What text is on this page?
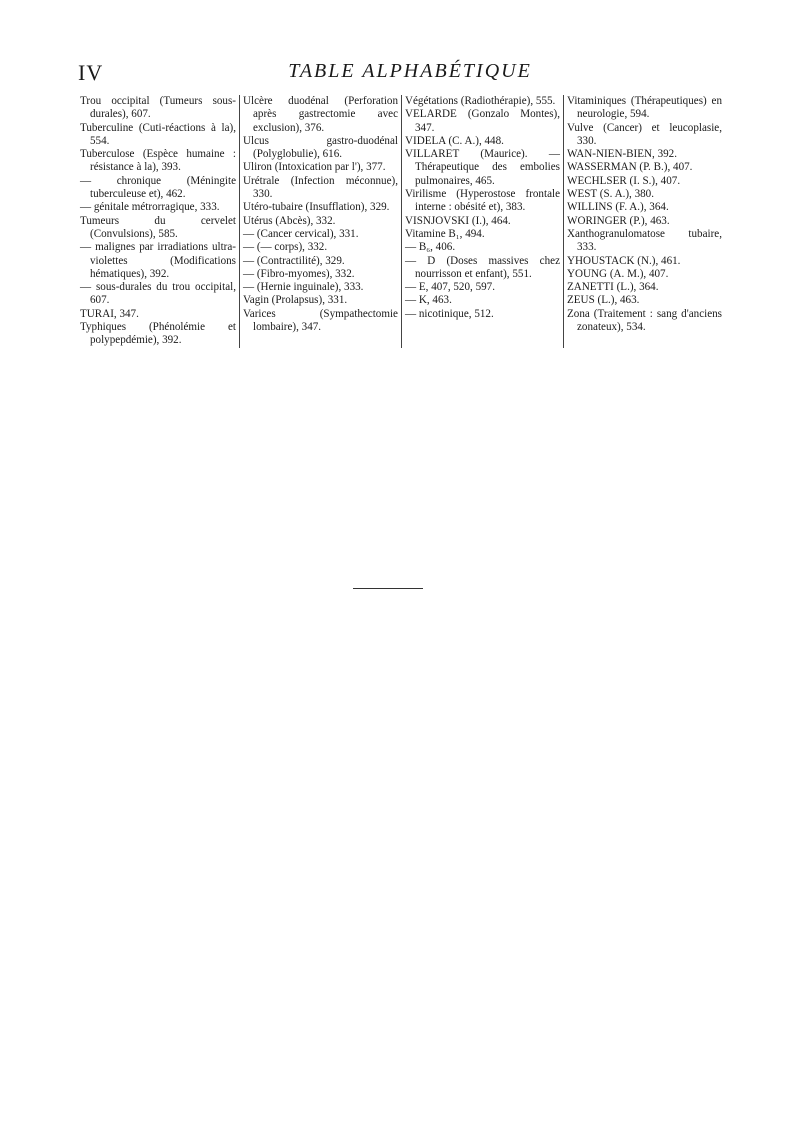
IV	TABLE ALPHABÉTIQUE
Trou occipital (Tumeurs sous-durales), 607.
Tuberculine (Cuti-réactions à la), 554.
Tuberculose (Espèce humaine : résistance à la), 393.
— chronique (Méningite tuberculeuse et), 462.
— génitale métrorragique, 333.
Tumeurs du cervelet (Convulsions), 585.
— malignes par irradiations ultra-violettes (Modifications hématiques), 392.
— sous-durales du trou occipital, 607.
TURAI, 347.
Typhiques (Phénolémie et polypepdémie), 392.
Ulcère duodénal (Perforation après gastrectomie avec exclusion), 376.
Ulcus gastro-duodénal (Polyglobulie), 616.
Uliron (Intoxication par l'), 377.
Urétrale (Infection méconnue), 330.
Utéro-tubaire (Insufflation), 329.
Utérus (Abcès), 332.
— (Cancer cervical), 331.
— (— corps), 332.
— (Contractilité), 329.
— (Fibro-myomes), 332.
— (Hernie inguinale), 333.
Vagin (Prolapsus), 331.
Varices (Sympathectomie lombaire), 347.
Végétations (Radiothérapie), 555.
VELARDE (Gonzalo Montes), 347.
VIDELA (C. A.), 448.
VILLARET (Maurice). — Thérapeutique des embolies pulmonaires, 465.
Virilisme (Hyperostose frontale interne : obésité et), 383.
VISNJOVSKI (I.), 464.
Vitamine B₁, 494.
— B₆, 406.
— D (Doses massives chez nourrisson et enfant), 551.
— E, 407, 520, 597.
— K, 463.
— nicotinique, 512.
Vitaminiques (Thérapeutiques) en neurologie, 594.
Vulve (Cancer) et leucoplasie, 330.
WAN-NIEN-BIEN, 392.
WASSERMAN (P. B.), 407.
WECHLSER (I. S.), 407.
WEST (S. A.), 380.
WILLINS (F. A.), 364.
WORINGER (P.), 463.
Xanthogranulomatose tubaire, 333.
YHOUSTACK (N.), 461.
YOUNG (A. M.), 407.
ZANETTI (L.), 364.
ZEUS (L.), 463.
Zona (Traitement : sang d'anciens zonateux), 534.
